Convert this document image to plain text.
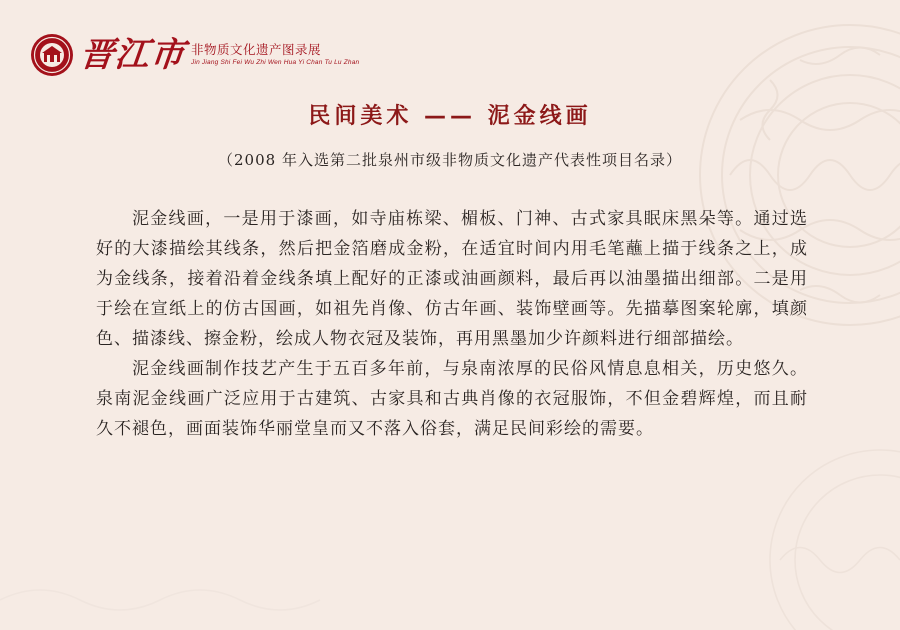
晋江市 非物质文化遗产图录展
Jin Jiang Shi Fei Wu Zhi Wen Hua Yi Chan Tu Lu Zhan
民间美术 —— 泥金线画
（2008 年入选第二批泉州市级非物质文化遗产代表性项目名录）

泥金线画，一是用于漆画，如寺庙栋梁、楣板、门神、古式家具眠床黑朵等。通过选好的大漆描绘其线条，然后把金箔磨成金粉，在适宜时间内用毛笔蘸上描于线条之上，成为金线条，接着沿着金线条填上配好的正漆或油画颜料，最后再以油墨描出细部。二是用于绘在宣纸上的仿古国画，如祖先肖像、仿古年画、装饰壁画等。先描摹图案轮廓，填颜色、描漆线、擦金粉，绘成人物衣冠及装饰，再用黑墨加少许颜料进行细部描绘。

泥金线画制作技艺产生于五百多年前，与泉南浓厚的民俗风情息息相关，历史悠久。泉南泥金线画广泛应用于古建筑、古家具和古典肖像的衣冠服饰，不但金碧辉煌，而且耐久不褪色，画面装饰华丽堂皇而又不落入俗套，满足民间彩绘的需要。
